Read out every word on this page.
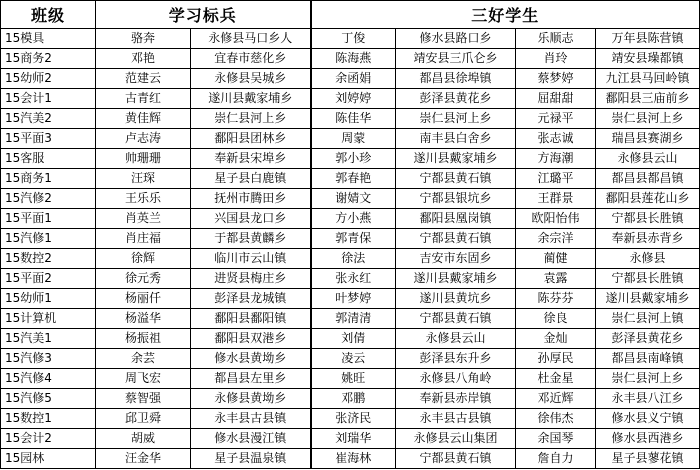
班级	学习标兵		三好学生			
15模具	骆奔	永修县马口乡人	丁俊	修水县路口乡	乐顺志	万年县陈营镇
15商务2	邓艳	宜春市慈化乡	陈海燕	靖安县三爪仑乡	肖玲	靖安县璪都镇
15幼师2	范建云	永修县吴城乡	余函娟	都昌县徐埠镇	蔡梦婷	九江县马回岭镇
15会计1	古青红	遂川县戴家埔乡	刘婷婷	彭泽县黄花乡	屈甜甜	鄱阳县三庙前乡
15汽美2	黄佳辉	崇仁县河上乡	陈佳华	崇仁县河上乡	元禄平	崇仁县河上乡
15平面3	卢志涛	鄱阳县团林乡	周蒙	南丰县白舍乡	张志诚	瑞昌县赛湖乡
15客服	帅珊珊	奉新县宋埠乡	郭小珍	遂川县戴家埔乡	方海潮	永修县云山
15商务1	汪琛	星子县白鹿镇	郭春艳	宁都县黄石镇	江璐平	都昌县都昌镇
15汽修2	王乐乐	抚州市腾田乡	谢婧文	宁都县银坑乡	王群景	鄱阳县莲花山乡
15平面1	肖英兰	兴国县龙口乡	方小燕	鄱阳县凰岗镇	欧阳怡伟	宁都县长胜镇
15汽修1	肖庄福	于都县黄麟乡	郭青保	宁都县黄石镇	余宗洋	奉新县赤背乡
15数控2	徐辉	临川市云山镇	徐法	吉安市东固乡	蔺健	永修县
15平面2	徐元秀	进贤县梅庄乡	张永红	遂川县戴家埔乡	袁露	宁都县长胜镇
15幼师1	杨丽仟	彭泽县龙城镇	叶梦婷	遂川县黄坑乡	陈芬芬	遂川县戴家埔乡
15计算机	杨溢华	鄱阳县鄱阳镇	郭清清	宁都县黄石镇	徐良	崇仁县河上镇
15汽美1	杨振祖	鄱阳县双港乡	刘倩	永修县云山	金灿	彭泽县黄花乡
15汽修3	余芸	修水县黄坳乡	凌云	彭泽县东升乡	孙厚民	都昌县南峰镇
15汽修4	周飞宏	都昌县左里乡	姚旺	永修县八角岭	杜金星	崇仁县河上乡
15汽修5	蔡智强	永修县黄坳乡	邓鹏	奉新县赤岸镇	邓近辉	永丰县八江乡
15数控1	邱卫舜	永丰县古县镇	张济民	永丰县古县镇	徐伟杰	修水县义宁镇
15会计2	胡威	修水县漫江镇	刘瑞华	永修县云山集团	余国琴	修水县西港乡
15园林	汪金华	星子县温泉镇	崔海林	宁都县黄石镇	詹自力	星子县蓼花镇
